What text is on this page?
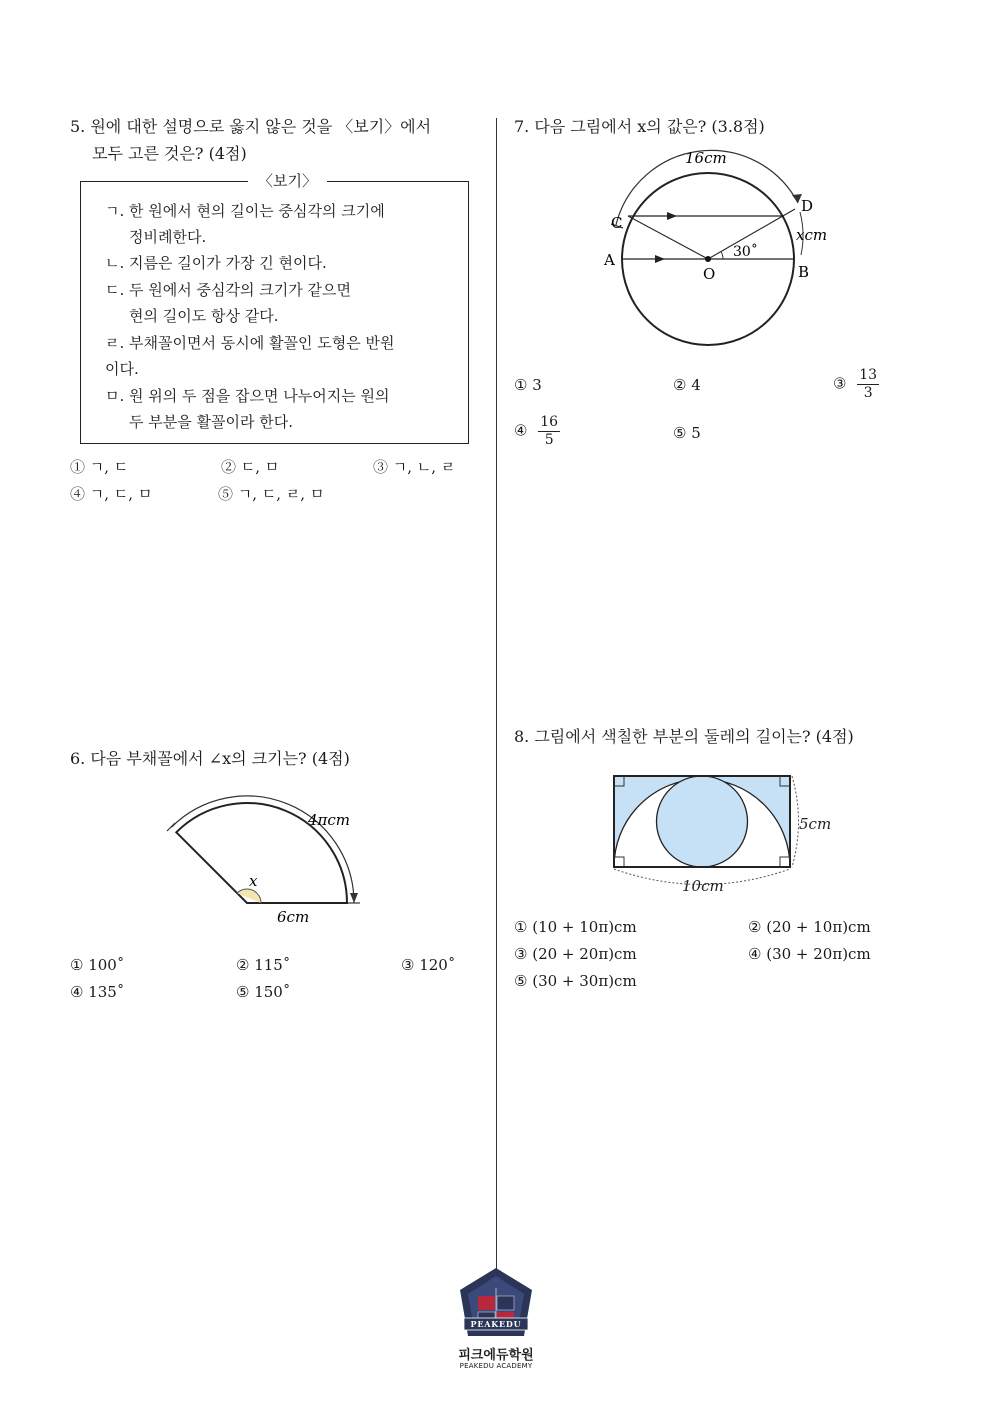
5. 원에 대한 설명으로 옳지 않은 것을 〈보기〉에서
모두 고른 것은? (4점)
〈보기〉
ㄱ. 한 원에서 현의 길이는 중심각의 크기에
정비례한다.
ㄴ. 지름은 길이가 가장 긴 현이다.
ㄷ. 두 원에서 중심각의 크기가 같으면
현의 길이도 항상 같다.
ㄹ. 부채꼴이면서 동시에 활꼴인 도형은 반원
이다.
ㅁ. 원 위의 두 점을 잡으면 나누어지는 원의
두 부분을 활꼴이라 한다.
① ㄱ, ㄷ	② ㄷ, ㅁ	③ ㄱ, ㄴ, ㄹ
④ ㄱ, ㄷ, ㅁ	⑤ ㄱ, ㄷ, ㄹ, ㅁ
6. 다음 부채꼴에서 ∠x의 크기는? (4점)
4πcm
6cm
x
① 100˚	② 115˚	③ 120˚
④ 135˚	⑤ 150˚
7. 다음 그림에서 x의 값은? (3.8점)
16cm
xcm
30˚
A
B
C
D
O
① 3	② 4	③ $\frac{13}{3}$
④ $\frac{16}{5}$	⑤ 5
8. 그림에서 색칠한 부분의 둘레의 길이는? (4점)
10cm
5cm
① (10 + 10π)cm	② (20 + 10π)cm
③ (20 + 20π)cm	④ (30 + 20π)cm
⑤ (30 + 30π)cm
PEAKEDU
피크에듀학원
PEAKEDU ACADEMY
